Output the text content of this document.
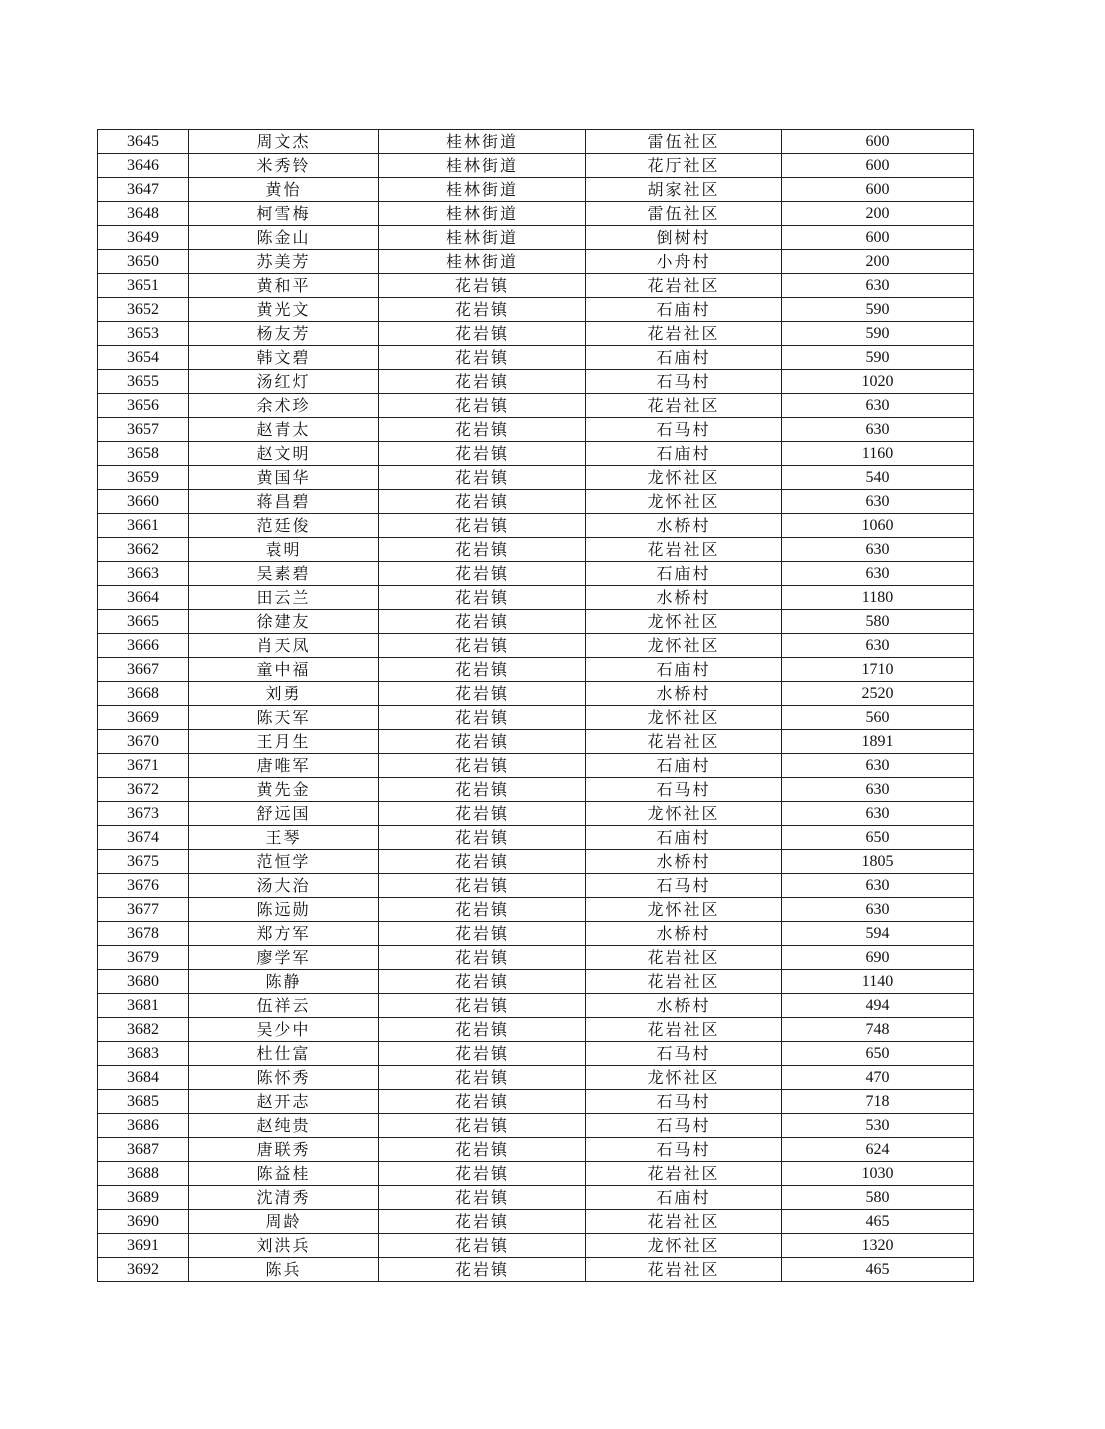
3645	周文杰	桂林街道	雷伍社区	600
3646	米秀铃	桂林街道	花厅社区	600
3647	黄怡	桂林街道	胡家社区	600
3648	柯雪梅	桂林街道	雷伍社区	200
3649	陈金山	桂林街道	倒树村	600
3650	苏美芳	桂林街道	小舟村	200
3651	黄和平	花岩镇	花岩社区	630
3652	黄光文	花岩镇	石庙村	590
3653	杨友芳	花岩镇	花岩社区	590
3654	韩文碧	花岩镇	石庙村	590
3655	汤红灯	花岩镇	石马村	1020
3656	余术珍	花岩镇	花岩社区	630
3657	赵青太	花岩镇	石马村	630
3658	赵文明	花岩镇	石庙村	1160
3659	黄国华	花岩镇	龙怀社区	540
3660	蒋昌碧	花岩镇	龙怀社区	630
3661	范廷俊	花岩镇	水桥村	1060
3662	袁明	花岩镇	花岩社区	630
3663	吴素碧	花岩镇	石庙村	630
3664	田云兰	花岩镇	水桥村	1180
3665	徐建友	花岩镇	龙怀社区	580
3666	肖天凤	花岩镇	龙怀社区	630
3667	童中福	花岩镇	石庙村	1710
3668	刘勇	花岩镇	水桥村	2520
3669	陈天军	花岩镇	龙怀社区	560
3670	王月生	花岩镇	花岩社区	1891
3671	唐唯军	花岩镇	石庙村	630
3672	黄先金	花岩镇	石马村	630
3673	舒远国	花岩镇	龙怀社区	630
3674	王琴	花岩镇	石庙村	650
3675	范恒学	花岩镇	水桥村	1805
3676	汤大治	花岩镇	石马村	630
3677	陈远勋	花岩镇	龙怀社区	630
3678	郑方军	花岩镇	水桥村	594
3679	廖学军	花岩镇	花岩社区	690
3680	陈静	花岩镇	花岩社区	1140
3681	伍祥云	花岩镇	水桥村	494
3682	吴少中	花岩镇	花岩社区	748
3683	杜仕富	花岩镇	石马村	650
3684	陈怀秀	花岩镇	龙怀社区	470
3685	赵开志	花岩镇	石马村	718
3686	赵纯贵	花岩镇	石马村	530
3687	唐联秀	花岩镇	石马村	624
3688	陈益桂	花岩镇	花岩社区	1030
3689	沈清秀	花岩镇	石庙村	580
3690	周龄	花岩镇	花岩社区	465
3691	刘洪兵	花岩镇	龙怀社区	1320
3692	陈兵	花岩镇	花岩社区	465
